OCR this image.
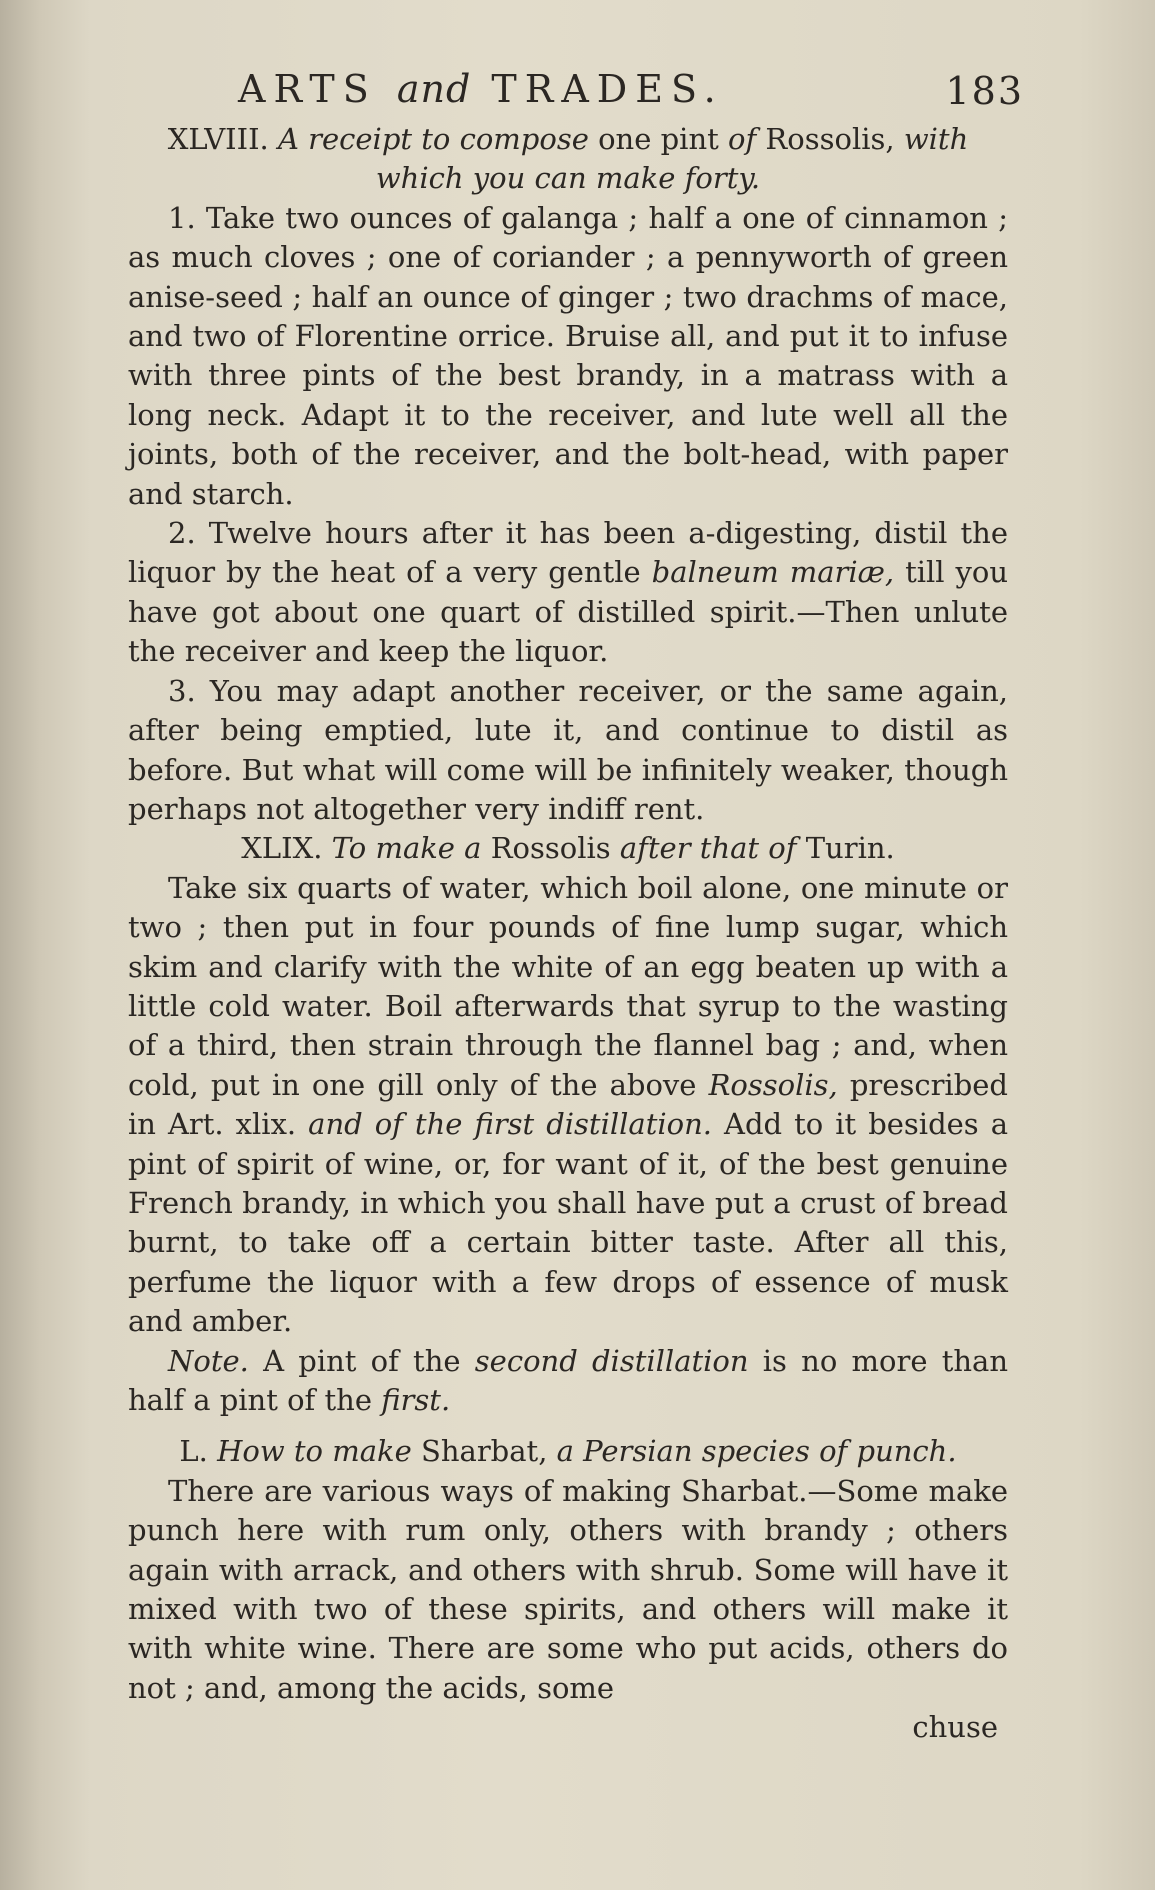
ARTS and TRADES.	183

XLVIII. A receipt to compose one pint of Rossolis, with
which you can make forty.

1. Take two ounces of galanga ; half a one of cinnamon ; as much cloves ; one of coriander ; a pennyworth of green anise-seed ; half an ounce of ginger ; two drachms of mace, and two of Florentine orrice. Bruise all, and put it to infuse with three pints of the best brandy, in a matrass with a long neck. Adapt it to the receiver, and lute well all the joints, both of the receiver, and the bolt-head, with paper and starch.

2. Twelve hours after it has been a-digesting, distil the liquor by the heat of a very gentle balneum mariæ, till you have got about one quart of distilled spirit.—Then unlute the receiver and keep the liquor.

3. You may adapt another receiver, or the same again, after being emptied, lute it, and continue to distil as before. But what will come will be infinitely weaker, though perhaps not altogether very indiff rent.

XLIX. To make a Rossolis after that of Turin.

Take six quarts of water, which boil alone, one minute or two ; then put in four pounds of fine lump sugar, which skim and clarify with the white of an egg beaten up with a little cold water. Boil afterwards that syrup to the wasting of a third, then strain through the flannel bag ; and, when cold, put in one gill only of the above Rossolis, prescribed in Art. xlix. and of the first distillation. Add to it besides a pint of spirit of wine, or, for want of it, of the best genuine French brandy, in which you shall have put a crust of bread burnt, to take off a certain bitter taste. After all this, perfume the liquor with a few drops of essence of musk and amber.

Note. A pint of the second distillation is no more than half a pint of the first.

L. How to make Sharbat, a Persian species of punch.

There are various ways of making Sharbat.—Some make punch here with rum only, others with brandy ; others again with arrack, and others with shrub. Some will have it mixed with two of these spirits, and others will make it with white wine. There are some who put acids, others do not ; and, among the acids, some

chuse
